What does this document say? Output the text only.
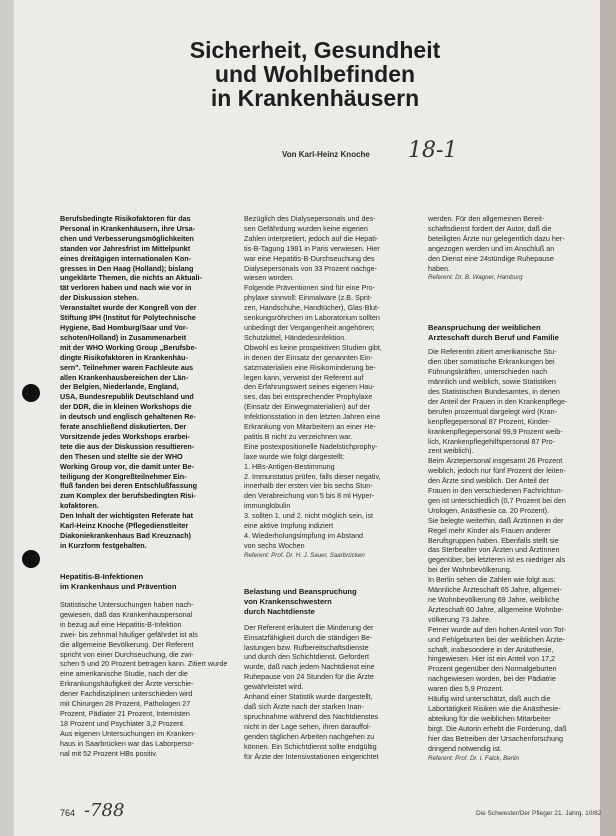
Sicherheit, Gesundheit
und Wohlbefinden
in Krankenhäusern
Von Karl-Heinz Knoche 18-1

Berufsbedingte Risikofaktoren für das

Personal in Krankenhäusern, ihre Ursa-

chen und Verbesserungsmöglichkeiten

standen vor Jahresfrist im Mittelpunkt

eines dreitägigen internationalen Kon-

gresses in Den Haag (Holland); bislang

ungeklärte Themen, die nichts an Aktuali-

tät verloren haben und nach wie vor in

der Diskussion stehen.

Veranstaltet wurde der Kongreß von der

Stiftung IPH (Institut für Polytechnische

Hygiene, Bad Homburg/Saar und Vor-

schoten/Holland) in Zusammenarbeit

mit der WHO Working Group „Berufsbe-

dingte Risikofaktoren in Krankenhäu-

sern". Teilnehmer waren Fachleute aus

allen Krankenhausbereichen der Län-

der Belgien, Niederlande, England,

USA, Bundesrepublik Deutschland und

der DDR, die in kleinen Workshops die

in deutsch und englisch gehaltenen Re-

ferate anschließend diskutierten. Der

Vorsitzende jedes Workshops erarbei-

tete die aus der Diskussion resultieren-

den Thesen und stellte sie der WHO

Working Group vor, die damit unter Be-

teiligung der Kongreßteilnehmer Ein-

fluß fanden bei deren Entschlußfassung

zum Komplex der berufsbedingten Risi-

kofaktoren.

Den Inhalt der wichtigsten Referate hat

Karl-Heinz Knoche (Pflegedienstleiter

Diakoniekrankenhaus Bad Kreuznach)

in Kurzform festgehalten.

Hepatitis-B-Infektionen
im Krankenhaus und Prävention

Statistische Untersuchungen haben nach-

gewiesen, daß das Krankenhauspersonal

in bezug auf eine Hepatitis-B-Infektion

zwei- bis zehnmal häufiger gefährdet ist als

die allgemeine Bevölkerung. Der Referent

spricht von einer Durchseuchung, die zwi-

schen 5 und 20 Prozent betragen kann. Zitiert wurde

eine amerikanische Studie, nach der die

Erkrankungshäufigkeit der Ärzte verschie-

dener Fachdisziplinen unterschieden wird

mit Chirurgen 28 Prozent, Pathologen 27

Prozent, Pädiater 21 Prozent, Internisten

18 Prozent und Psychiater 3,2 Prozent.

Aus eigenen Untersuchungen im Kranken-

haus in Saarbrücken war das Laborperso-

nal mit 52 Prozent HBs positiv.

Bezüglich des Dialysepersonals und des-

sen Gefährdung wurden keine eigenen

Zahlen interpretiert, jedoch auf die Hepati-

tis-B-Tagung 1981 in Paris verwiesen. Hier

war eine Hepatitis-B-Durchseuchung des

Dialysepersonals von 33 Prozent nachge-

wiesen worden.

Folgende Präventionen sind für eine Pro-

phylaxe sinnvoll: Einmalware (z.B. Sprit-

zen, Handschuhe, Handtücher), Glas-Blut-

senkungsröhrchen im Laboratorium sollten

unbedingt der Vergangenheit angehören;

Schutzkittel, Händedesinfektion.

Obwohl es keine prospektiven Studien gibt,

in denen der Einsatz der genannten Ein-

satzmaterialien eine Risikominderung be-

legen kann, verweist der Referent auf

den Erfahrungswert seines eigenen Hau-

ses, das bei entsprechender Prophylaxe

(Einsatz der Einwegmaterialien) auf der

Infektionsstation in den letzten Jahren eine

Erkrankung von Mitarbeitern an einer He-

patitis B nicht zu verzeichnen war.

Eine postexpositionelle Nadelstichprophy-

laxe wurde wie folgt dargestellt:

1. HBs-Antigen-Bestimmung

2. Immunstatus prüfen, falls dieser negativ,

innerhalb der ersten vier bis sechs Stun-

den Verabreichung von 5 bis 8 ml Hyper-

immunglobulin

3. sollten 1. und 2. nicht möglich sein, ist

eine aktive Impfung indiziert

4. Wiederholungsimpfung im Abstand

von sechs Wochen

Referent: Prof. Dr. H. J. Sauer, Saarbrücken
Belastung und Beanspruchung
von Krankenschwestern
durch Nachtdienste

Der Referent erläutert die Minderung der

Einsatzfähigkeit durch die ständigen Be-

lastungen bzw. Rufbereitschaftsdienste

und durch den Schichtdienst. Gefordert

wurde, daß nach jedem Nachtdienst eine

Ruhepause von 24 Stunden für die Ärzte

gewährleistet wird.

Anhand einer Statistik wurde dargestellt,

daß sich Ärzte nach der starken Inan-

spruchnahme während des Nachtdienstes

nicht in der Lage sehen, ihren darauffol-

genden täglichen Arbeiten nachgehen zu

können. Ein Schichtdienst sollte endgültig

für Ärzte der Intensivstationen eingerichtet

werden. Für den allgemeinen Bereit-

schaftsdienst fordert der Autor, daß die

beteiligten Ärzte nur gelegentlich dazu her-

angezogen werden und im Anschluß an

den Dienst eine 24stündige Ruhepause

haben.

Referent: Dr. B. Wagner, Hamburg
Beanspruchung der weiblichen
Arzteschaft durch Beruf und Familie

Die Referentin zitiert amerikanische Stu-

dien über somatische Erkrankungen bei

Führungskräften, unterschieden nach

männlich und weiblich, sowie Statistiken

des Statistischen Bundesamtes, in denen

der Anteil der Frauen in den Krankenpflege-

berufen prozentual dargelegt wird (Kran-

kenpflegepersonal 87 Prozent, Kinder-

krankenpflegepersonal 99,9 Prozent weib-

lich, Krankenpflegehilfspersonal 87 Pro-

zent weiblich).

Beim Ärztepersonal insgesamt 26 Prozent

weiblich, jedoch nur fünf Prozent der leiten-

den Ärzte sind weiblich. Der Anteil der

Frauen in den verschiedenen Fachrichtun-

gen ist unterschiedlich (0,7 Prozent bei den

Urologen, Anästhesie ca. 20 Prozent).

Sie belegte weiterhin, daß Ärztinnen in der

Regel mehr Kinder als Frauen anderer

Berufsgruppen haben. Ebenfalls stellt sie

das Sterbealter von Ärzten und Ärztinnen

gegenüber, bei letzteren ist es niedriger als

bei der Wohnbevölkerung.

In Berlin sehen die Zahlen wie folgt aus:

Männliche Ärzteschaft 65 Jahre, allgemei-

ne Wohnbevölkerung 69 Jahre, weibliche

Ärzteschaft 60 Jahre, allgemeine Wohnbe-

völkerung 73 Jahre.

Ferner wurde auf den hohen Anteil von Tot-

und Fehlgeburten bei der weiblichen Ärzte-

schaft, insbesondere in der Anästhesie,

hingewiesen. Hier ist ein Anteil von 17,2

Prozent gegenüber den Normalgeburten

nachgewiesen worden, bei der Pädiatrie

waren dies 5,9 Prozent.

Häufig wird unterschätzt, daß auch die

Labortätigkeit Risiken wie die Anästhesie-

abteilung für die weiblichen Mitarbeiter

birgt. Die Autorin erhebt die Forderung, daß

hier das Betreiben der Ursachenforschung

dringend notwendig ist.

Referent: Prof. Dr. I. Falck, Berlin
764 -788	Die Schwester/Der Pfleger 21. Jahrg. 10/82
